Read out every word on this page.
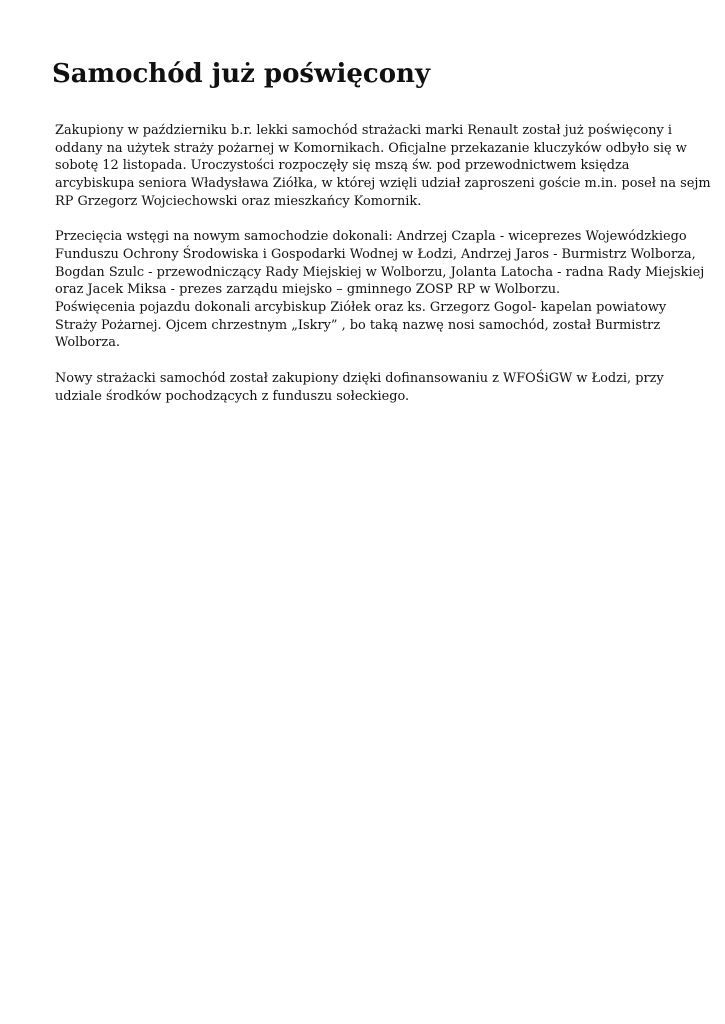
Samochód już poświęcony

Zakupiony w październiku b.r. lekki samochód strażacki marki Renault został już poświęcony i
oddany na użytek straży pożarnej w Komornikach. Oficjalne przekazanie kluczyków odbyło się w
sobotę 12 listopada. Uroczystości rozpoczęły się mszą św. pod przewodnictwem księdza
arcybiskupa seniora Władysława Ziółka, w której wzięli udział zaproszeni goście m.in. poseł na sejm
RP Grzegorz Wojciechowski oraz mieszkańcy Komornik.

Przecięcia wstęgi na nowym samochodzie dokonali: Andrzej Czapla - wiceprezes Wojewódzkiego
Funduszu Ochrony Środowiska i Gospodarki Wodnej w Łodzi, Andrzej Jaros - Burmistrz Wolborza,
Bogdan Szulc - przewodniczący Rady Miejskiej w Wolborzu, Jolanta Latocha - radna Rady Miejskiej
oraz Jacek Miksa - prezes zarządu miejsko – gminnego ZOSP RP w Wolborzu.
Poświęcenia pojazdu dokonali arcybiskup Ziółek oraz ks. Grzegorz Gogol- kapelan powiatowy
Straży Pożarnej. Ojcem chrzestnym „Iskry” , bo taką nazwę nosi samochód, został Burmistrz
Wolborza.

Nowy strażacki samochód został zakupiony dzięki dofinansowaniu z WFOŚiGW w Łodzi, przy
udziale środków pochodzących z funduszu sołeckiego.
